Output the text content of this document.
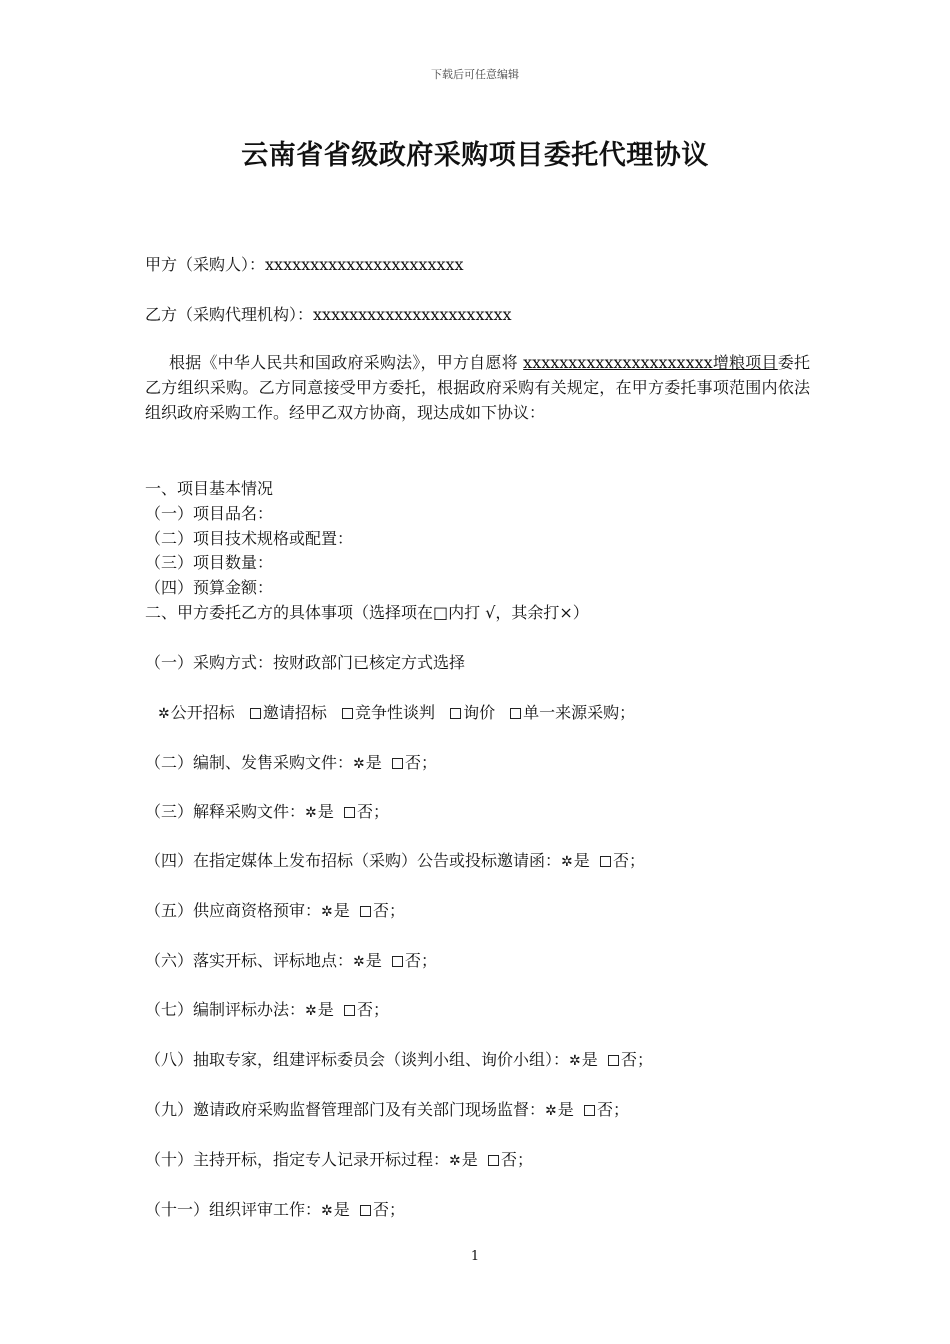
下载后可任意编辑
云南省省级政府采购项目委托代理协议
甲方（采购人）：xxxxxxxxxxxxxxxxxxxxxx
乙方（采购代理机构）：xxxxxxxxxxxxxxxxxxxxxx
根据《中华人民共和国政府采购法》，甲方自愿将 xxxxxxxxxxxxxxxxxxxxx增粮项目委托乙方组织采购。乙方同意接受甲方委托，根据政府采购有关规定，在甲方委托事项范围内依法组织政府采购工作。经甲乙双方协商，现达成如下协议：
一、项目基本情况
（一）项目品名：
（二）项目技术规格或配置：
（三）项目数量：
（四）预算金额：
二、甲方委托乙方的具体事项（选择项在□内打 √，其余打×）
（一）采购方式：按财政部门已核定方式选择
✲公开招标 邀请招标 竞争性谈判 询价 单一来源采购；
（二）编制、发售采购文件：✲是 否；
（三）解释采购文件：✲是 否；
（四）在指定媒体上发布招标（采购）公告或投标邀请函：✲是 否；
（五）供应商资格预审：✲是 否；
（六）落实开标、评标地点：✲是 否；
（七）编制评标办法：✲是 否；
（八）抽取专家，组建评标委员会（谈判小组、询价小组）：✲是 否；
（九）邀请政府采购监督管理部门及有关部门现场监督：✲是 否；
（十）主持开标，指定专人记录开标过程：✲是 否；
（十一）组织评审工作：✲是 否；
1
